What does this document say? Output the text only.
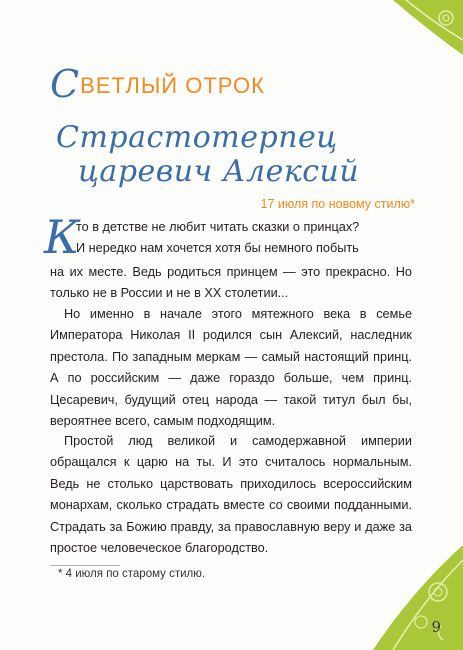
СВЕТЛЫЙ ОТРОК
Страстотерпец
царевич Алексий
17 июля по новому стилю*
К
то в детстве не любит читать сказки о принцах?
И нередко нам хочется хотя бы немного побыть

на их месте. Ведь родиться принцем — это прекрасно. Но только не в России и не в XX столетии...

Но именно в начале этого мятежного века в семье Императора Николая II родился сын Алексий, наследник престола. По западным меркам — самый настоящий принц. А по российским — даже гораздо больше, чем принц. Цесаревич, будущий отец народа — такой титул был бы, вероятнее всего, самым подходящим.

Простой люд великой и самодержавной империи обращался к царю на ты. И это считалось нормальным. Ведь не столько царствовать приходилось всероссийским монархам, сколько страдать вместе со своими подданными. Страдать за Божию правду, за православную веру и даже за простое человеческое благородство.

* 4 июля по старому стилю.
9
